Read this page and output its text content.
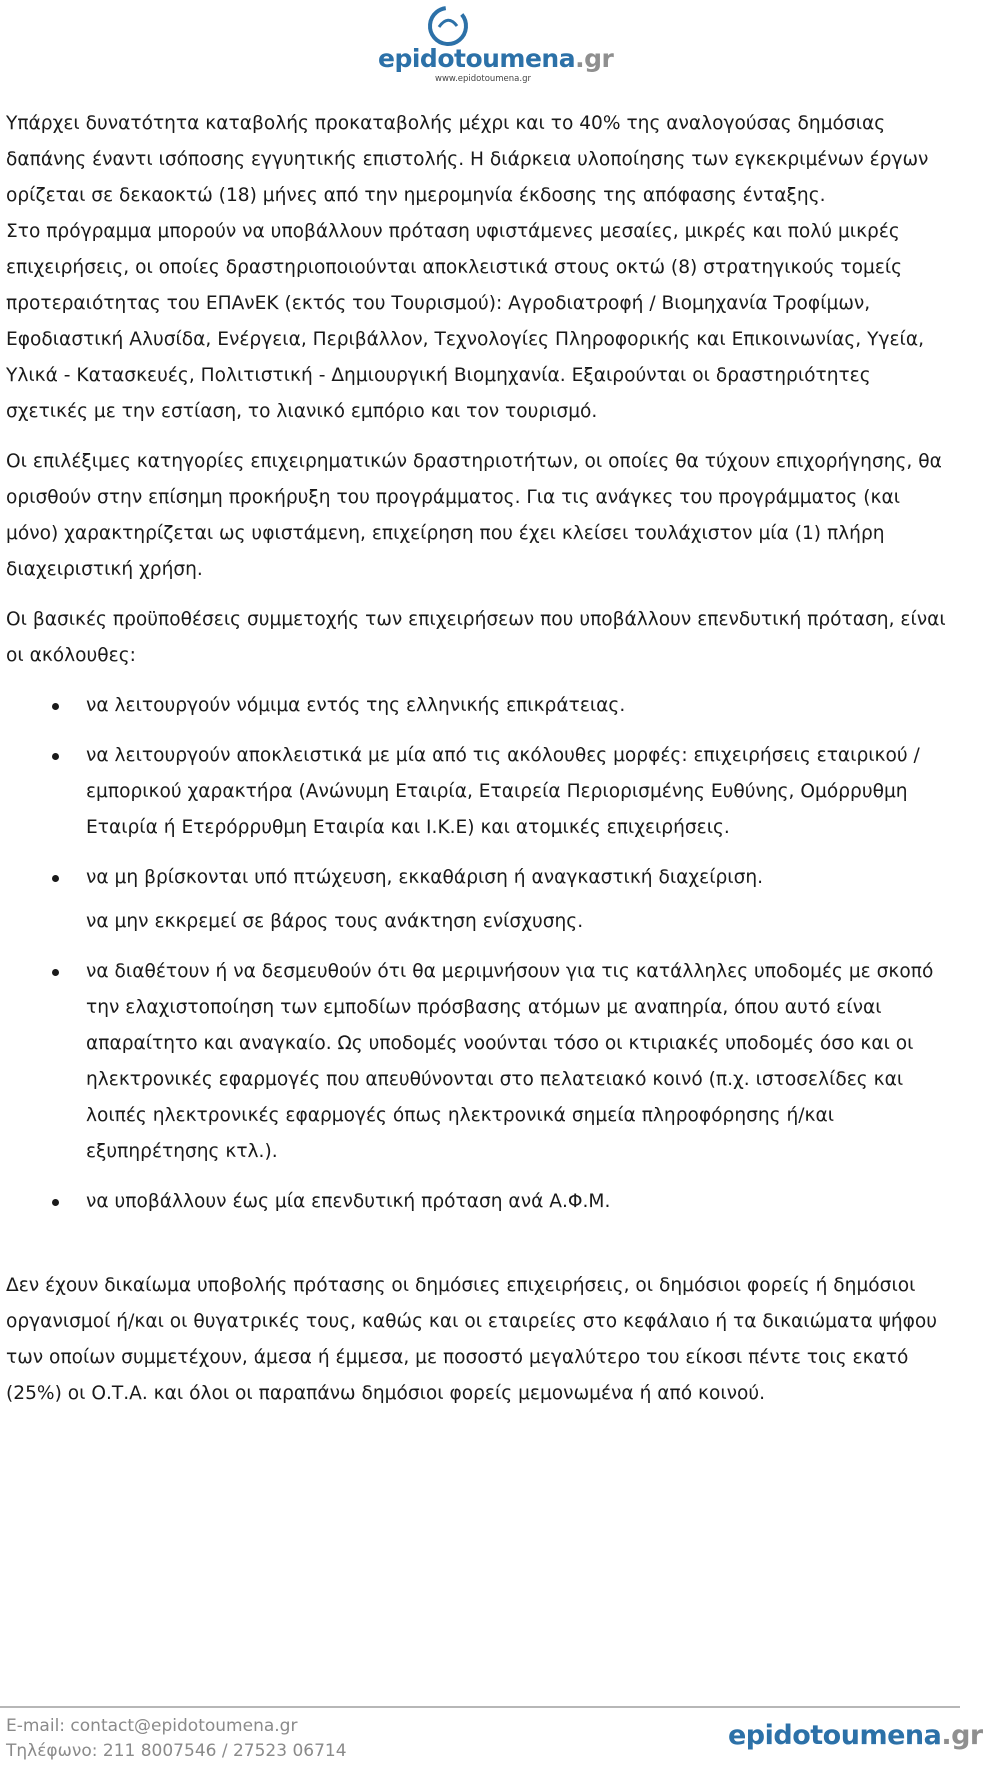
epidotoumena.gr
www.epidotoumena.gr

Υπάρχει δυνατότητα καταβολής προκαταβολής μέχρι και το 40% της αναλογούσας δημόσιας δαπάνης έναντι ισόποσης εγγυητικής επιστολής. Η διάρκεια υλοποίησης των εγκεκριμένων έργων ορίζεται σε δεκαοκτώ (18) μήνες από την ημερομηνία έκδοσης της απόφασης ένταξης.

Στο πρόγραμμα μπορούν να υποβάλλουν πρόταση υφιστάμενες μεσαίες, μικρές και πολύ μικρές επιχειρήσεις, οι οποίες δραστηριοποιούνται αποκλειστικά στους οκτώ (8) στρατηγικούς τομείς προτεραιότητας του ΕΠΑνΕΚ (εκτός του Τουρισμού): Αγροδιατροφή / Βιομηχανία Τροφίμων, Εφοδιαστική Αλυσίδα, Ενέργεια, Περιβάλλον, Τεχνολογίες Πληροφορικής και Επικοινωνίας, Υγεία, Υλικά - Κατασκευές, Πολιτιστική - Δημιουργική Βιομηχανία. Εξαιρούνται οι δραστηριότητες σχετικές με την εστίαση, το λιανικό εμπόριο και τον τουρισμό.

Οι επιλέξιμες κατηγορίες επιχειρηματικών δραστηριοτήτων, οι οποίες θα τύχουν επιχορήγησης, θα ορισθούν στην επίσημη προκήρυξη του προγράμματος. Για τις ανάγκες του προγράμματος (και μόνο) χαρακτηρίζεται ως υφιστάμενη, επιχείρηση που έχει κλείσει τουλάχιστον μία (1) πλήρη διαχειριστική χρήση.

Οι βασικές προϋποθέσεις συμμετοχής των επιχειρήσεων που υποβάλλουν επενδυτική πρόταση, είναι οι ακόλουθες:

να λειτουργούν νόμιμα εντός της ελληνικής επικράτειας.
να λειτουργούν αποκλειστικά με μία από τις ακόλουθες μορφές: επιχειρήσεις εταιρικού / εμπορικού χαρακτήρα (Ανώνυμη Εταιρία, Εταιρεία Περιορισμένης Ευθύνης, Ομόρρυθμη Εταιρία ή Ετερόρρυθμη Εταιρία και Ι.Κ.Ε) και ατομικές επιχειρήσεις.
να μη βρίσκονται υπό πτώχευση, εκκαθάριση ή αναγκαστική διαχείριση.
να μην εκκρεμεί σε βάρος τους ανάκτηση ενίσχυσης.
να διαθέτουν ή να δεσμευθούν ότι θα μεριμνήσουν για τις κατάλληλες υποδομές με σκοπό την ελαχιστοποίηση των εμποδίων πρόσβασης ατόμων με αναπηρία, όπου αυτό είναι απαραίτητο και αναγκαίο. Ως υποδομές νοούνται τόσο οι κτιριακές υποδομές όσο και οι ηλεκτρονικές εφαρμογές που απευθύνονται στο πελατειακό κοινό (π.χ. ιστοσελίδες και λοιπές ηλεκτρονικές εφαρμογές όπως ηλεκτρονικά σημεία πληροφόρησης ή/και εξυπηρέτησης κτλ.).
να υποβάλλουν έως μία επενδυτική πρόταση ανά Α.Φ.Μ.

Δεν έχουν δικαίωμα υποβολής πρότασης οι δημόσιες επιχειρήσεις, οι δημόσιοι φορείς ή δημόσιοι οργανισμοί ή/και οι θυγατρικές τους, καθώς και οι εταιρείες στο κεφάλαιο ή τα δικαιώματα ψήφου των οποίων συμμετέχουν, άμεσα ή έμμεσα, με ποσοστό μεγαλύτερο του είκοσι πέντε τοις εκατό (25%) οι Ο.Τ.Α. και όλοι οι παραπάνω δημόσιοι φορείς μεμονωμένα ή από κοινού.

E-mail: contact@epidotoumena.gr
Τηλέφωνο: 211 8007546 / 27523 06714	epidotoumena.gr
